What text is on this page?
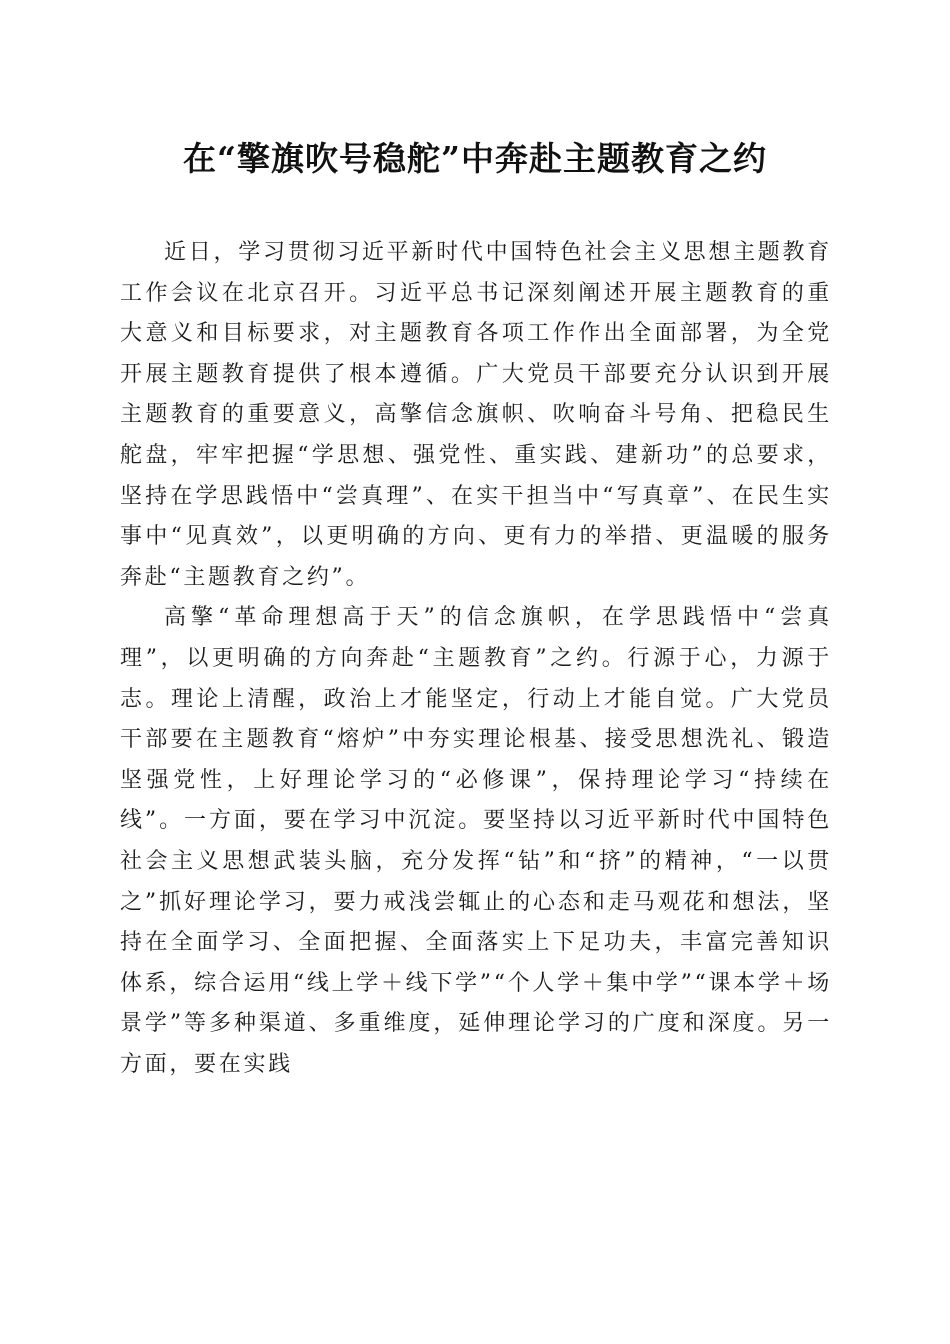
在“擎旗吹号稳舵”中奔赴主题教育之约

近日，学习贯彻习近平新时代中国特色社会主义思想主题教育工作会议在北京召开。习近平总书记深刻阐述开展主题教育的重大意义和目标要求，对主题教育各项工作作出全面部署，为全党开展主题教育提供了根本遵循。广大党员干部要充分认识到开展主题教育的重要意义，高擎信念旗帜、吹响奋斗号角、把稳民生舵盘，牢牢把握“学思想、强党性、重实践、建新功”的总要求，坚持在学思践悟中“尝真理”、在实干担当中“写真章”、在民生实事中“见真效”，以更明确的方向、更有力的举措、更温暖的服务奔赴“主题教育之约”。

高擎“革命理想高于天”的信念旗帜，在学思践悟中“尝真理”，以更明确的方向奔赴“主题教育”之约。行源于心，力源于志。理论上清醒，政治上才能坚定，行动上才能自觉。广大党员干部要在主题教育“熔炉”中夯实理论根基、接受思想洗礼、锻造坚强党性，上好理论学习的“必修课”，保持理论学习“持续在线”。一方面，要在学习中沉淀。要坚持以习近平新时代中国特色社会主义思想武装头脑，充分发挥“钻”和“挤”的精神，“一以贯之”抓好理论学习，要力戒浅尝辄止的心态和走马观花和想法，坚持在全面学习、全面把握、全面落实上下足功夫，丰富完善知识体系，综合运用“线上学＋线下学”“个人学＋集中学”“课本学＋场景学”等多种渠道、多重维度，延伸理论学习的广度和深度。另一方面，要在实践
